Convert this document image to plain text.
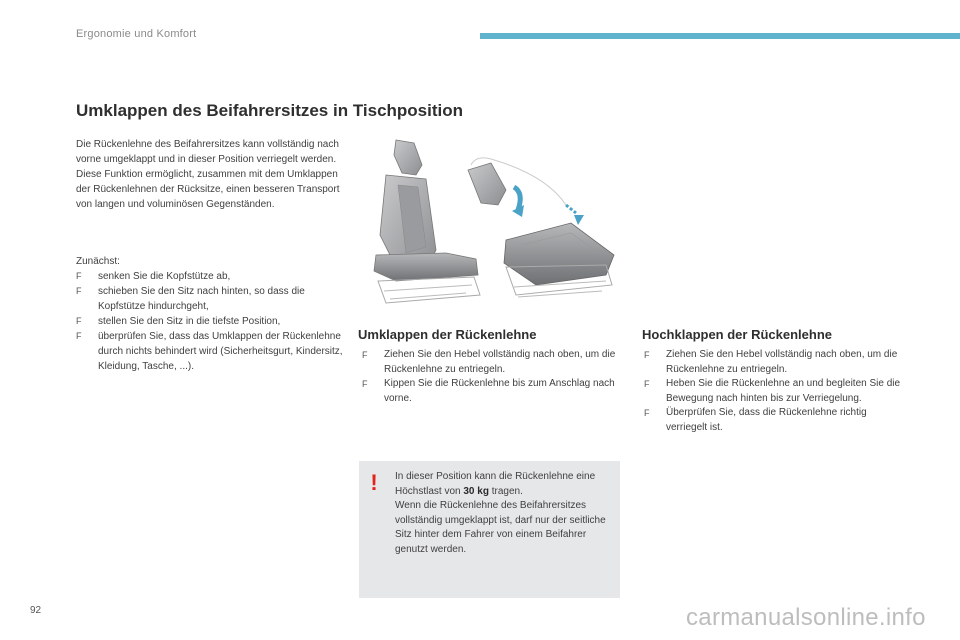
Ergonomie und Komfort
Umklappen des Beifahrersitzes in Tischposition

Die Rückenlehne des Beifahrersitzes kann vollständig nach vorne umgeklappt und in dieser Position verriegelt werden.

Diese Funktion ermöglicht, zusammen mit dem Umklappen der Rückenlehnen der Rücksitze, einen besseren Transport von langen und voluminösen Gegenständen.

Zunächst:
F senken Sie die Kopfstütze ab,
F schieben Sie den Sitz nach hinten, so dass die Kopfstütze hindurchgeht,
F stellen Sie den Sitz in die tiefste Position,
F überprüfen Sie, dass das Umklappen der Rückenlehne durch nichts behindert wird (Sicherheitsgurt, Kindersitz, Kleidung, Tasche, ...).
Umklappen der Rückenlehne
F Ziehen Sie den Hebel vollständig nach oben, um die Rückenlehne zu entriegeln.
F Kippen Sie die Rückenlehne bis zum Anschlag nach vorne.
Hochklappen der Rückenlehne
F Ziehen Sie den Hebel vollständig nach oben, um die Rückenlehne zu entriegeln.
F Heben Sie die Rückenlehne an und begleiten Sie die Bewegung nach hinten bis zur Verriegelung.
F Überprüfen Sie, dass die Rückenlehne richtig verriegelt ist.
!	In dieser Position kann die Rückenlehne eine Höchstlast von 30 kg tragen.
Wenn die Rückenlehne des Beifahrersitzes vollständig umgeklappt ist, darf nur der seitliche Sitz hinter dem Fahrer von einem Beifahrer genutzt werden.
92	carmanualsonline.info
